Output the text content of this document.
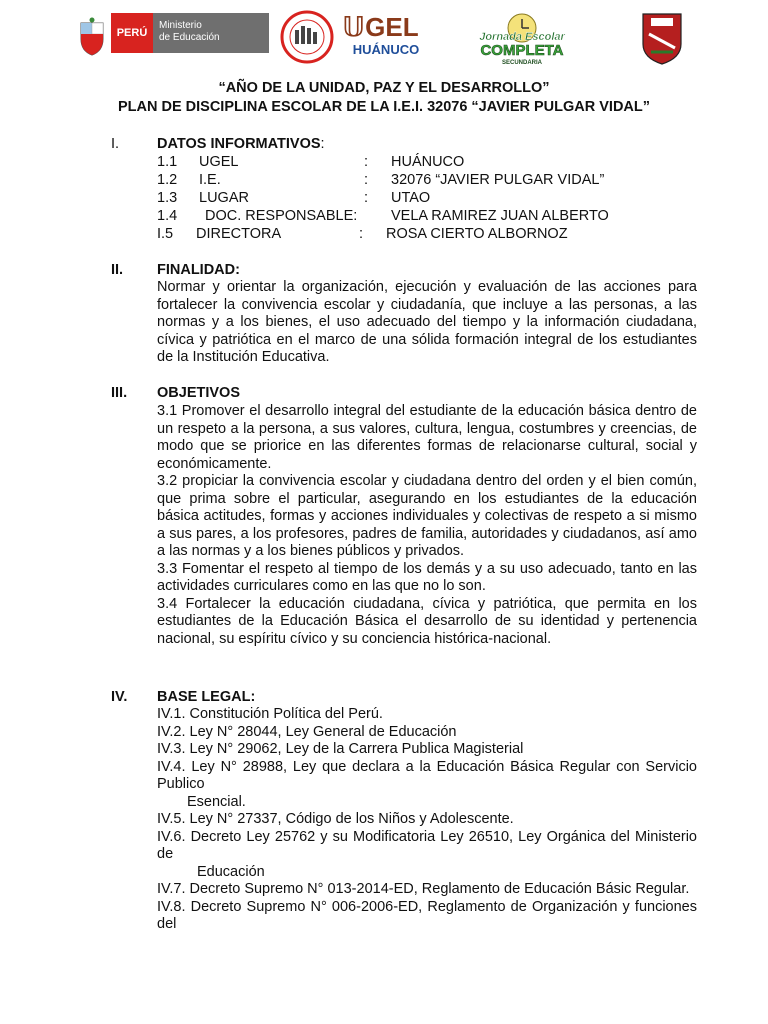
PERÚ
Ministerio
de Educación	𝕌 GEL
HUÁNUCO
Jornada Escolar
COMPLETA
SECUNDARIA
“AÑO DE LA UNIDAD, PAZ Y EL DESARROLLO”
PLAN DE DISCIPLINA ESCOLAR DE LA I.E.I. 32076 “JAVIER PULGAR VIDAL”
I.	DATOS INFORMATIVOS:
1.1 UGEL	: HUÁNUCO
1.2 I.E.	: 32076 “JAVIER PULGAR VIDAL”
1.3 LUGAR	: UTAO
1.4 DOC. RESPONSABLE: VELA RAMIREZ JUAN ALBERTO
I.5 DIRECTORA	: ROSA CIERTO ALBORNOZ
II. FINALIDAD:
Normar y orientar la organización, ejecución y evaluación de las acciones para fortalecer la convivencia escolar y ciudadanía, que incluye a las personas, a las normas y a los bienes, el uso adecuado del tiempo y la información ciudadana, cívica y patriótica en el marco de una sólida formación integral de los estudiantes de la Institución Educativa.
III. OBJETIVOS

3.1 Promover el desarrollo integral del estudiante de la educación básica dentro de un respeto a la persona, a sus valores, cultura, lengua, costumbres y creencias, de modo que se priorice en las diferentes formas de relacionarse cultural, social y económicamente.

3.2 propiciar la convivencia escolar y ciudadana dentro del orden y el bien común, que prima sobre el particular, asegurando en los estudiantes de la educación básica actitudes, formas y acciones individuales y colectivas de respeto a si mismo a sus pares, a los profesores, padres de familia, autoridades y ciudadanos, así amo a las normas y a los bienes públicos y privados.

3.3 Fomentar el respeto al tiempo de los demás y a su uso adecuado, tanto en las actividades curriculares como en las que no lo son.

3.4 Fortalecer la educación ciudadana, cívica y patriótica, que permita en los estudiantes de la Educación Básica el desarrollo de su identidad y pertenencia nacional, su espíritu cívico y su conciencia histórica-nacional.

IV. BASE LEGAL:

IV.1. Constitución Política del Perú.

IV.2. Ley N° 28044, Ley General de Educación

IV.3. Ley N° 29062, Ley de la Carrera Publica Magisterial

IV.4. Ley N° 28988, Ley que declara a la Educación Básica Regular con Servicio Publico

Esencial.

IV.5. Ley N° 27337, Código de los Niños y Adolescente.

IV.6. Decreto Ley 25762 y su Modificatoria Ley 26510, Ley Orgánica del Ministerio de

Educación

IV.7. Decreto Supremo N° 013-2014-ED, Reglamento de Educación Básic Regular.

IV.8. Decreto Supremo N° 006-2006-ED, Reglamento de Organización y funciones del
